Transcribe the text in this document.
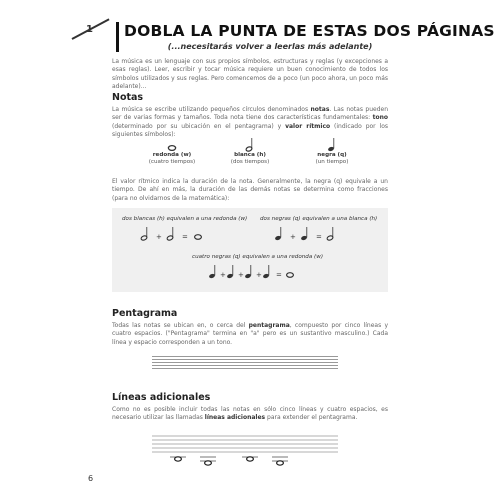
DOBLA LA PUNTA DE ESTAS DOS PÁGINAS
(...necesitarás volver a leerlas más adelante)
La música es un lenguaje con sus propios símbolos, estructuras y reglas (y excepciones a esas reglas). Leer, escribir y tocar música requiere un buen conocimiento de todos los símbolos utilizados y sus reglas. Pero comencemos de a poco (un poco ahora, un poco más adelante)...
Notas
La música se escribe utilizando pequeños círculos denominados notas. Las notas pueden ser de varias formas y tamaños. Toda nota tiene dos características fundamentales: tono (determinado por su ubicación en el pentagrama) y valor rítmico (indicado por los siguientes símbolos):
redonda (w)
(cuatro tiempos)
blanca (h)
(dos tiempos)
negra (q)
(un tiempo)
El valor rítmico indica la duración de la nota. Generalmente, la negra (q) equivale a un tiempo. De ahí en más, la duración de las demás notas se determina como fracciones (para no olvidarnos de la matemática):
dos blancas (h) equivalen a una redonda (w) dos negras (q) equivalen a una blanca (h)
+	=	+	=
cuatro negras (q) equivalen a una redonda (w)
+ + + =
Pentagrama
Todas las notas se ubican en, o cerca del pentagrama, compuesto por cinco líneas y cuatro espacios. ("Pentagrama" termina en "a" pero es un sustantivo masculino.) Cada línea y espacio corresponden a un tono.
Líneas adicionales
Como no es posible incluir todas las notas en sólo cinco líneas y cuatro espacios, es necesario utilizar las llamadas líneas adicionales para extender el pentagrama.
6
